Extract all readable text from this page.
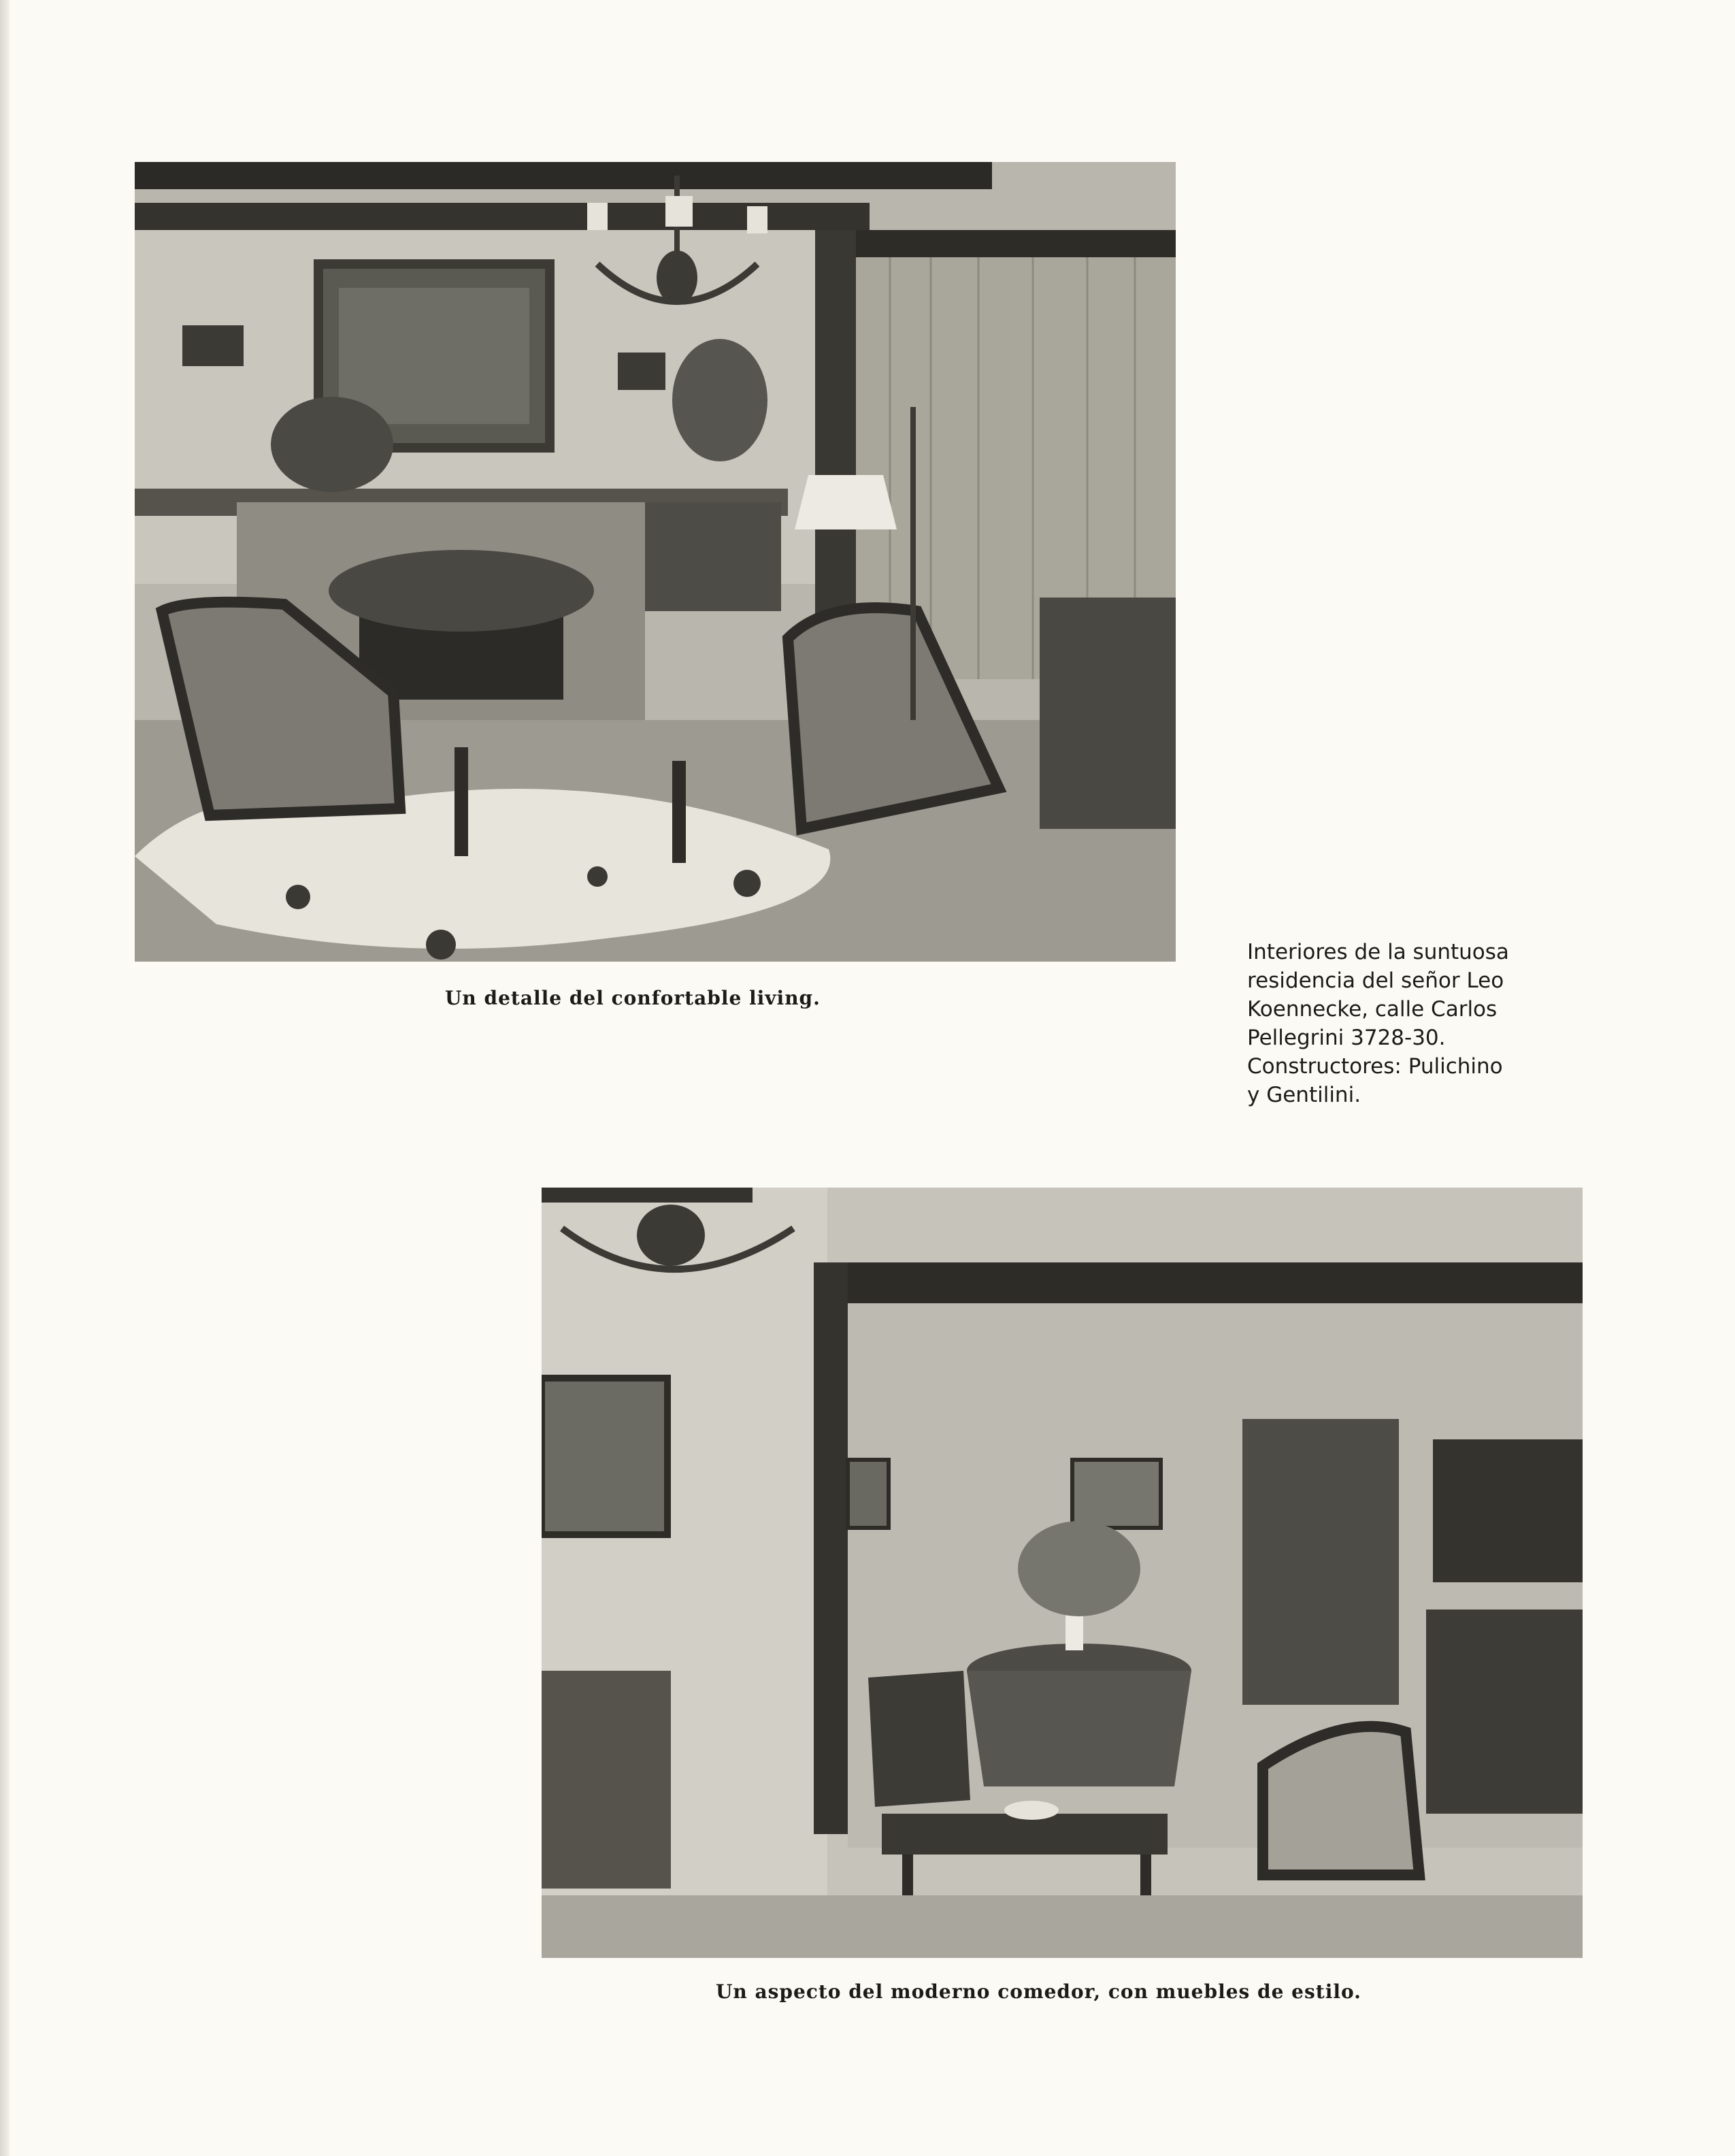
Un detalle del confortable living.
Interiores de la suntuosa
residencia del señor Leo
Koennecke, calle Carlos
Pellegrini 3728-30.
Constructores: Pulichino
y Gentilini.
Un aspecto del moderno comedor, con muebles de estilo.
